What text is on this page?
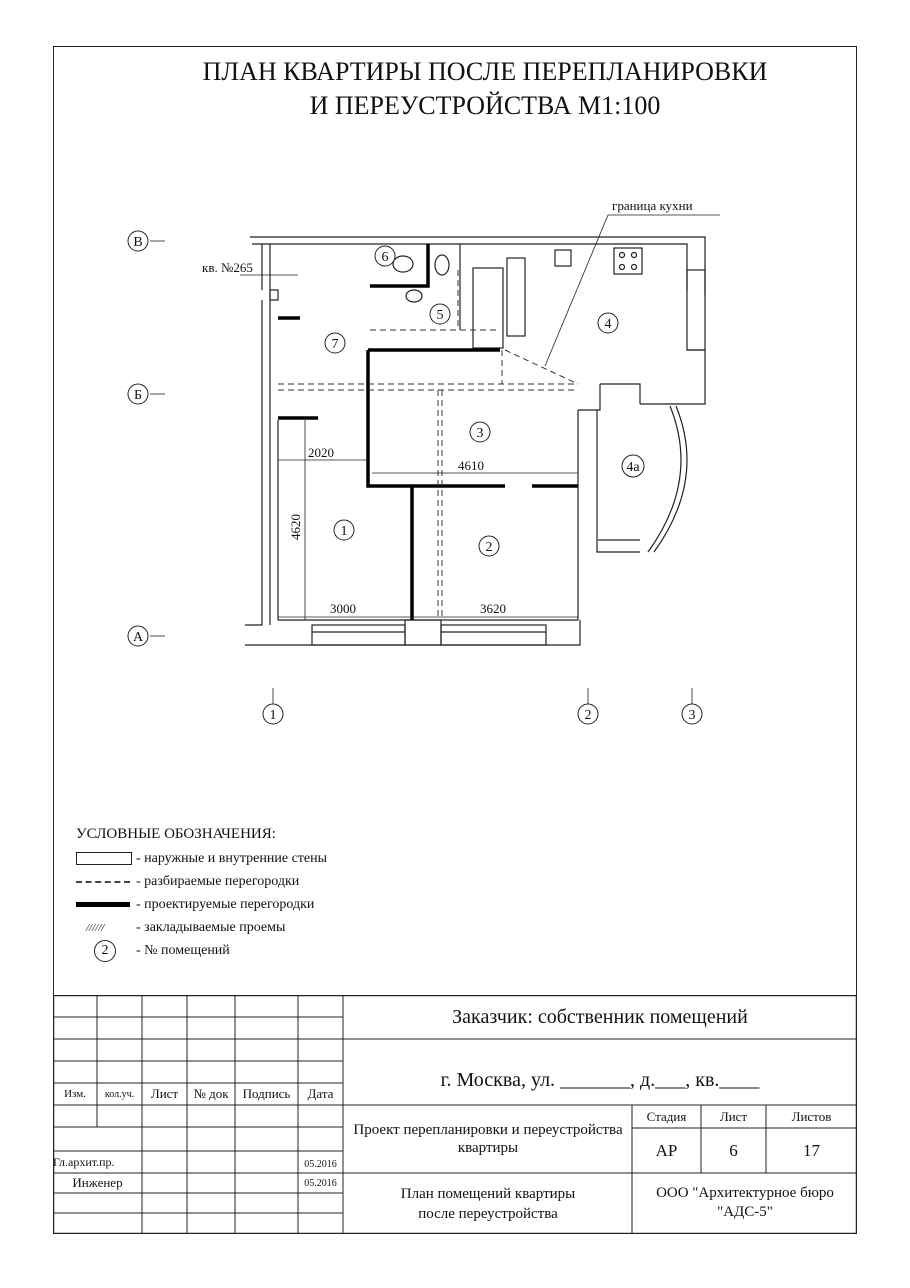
ПЛАН КВАРТИРЫ ПОСЛЕ ПЕРЕПЛАНИРОВКИ
И ПЕРЕУСТРОЙСТВА М1:100
В
Б
А
1	2	3
1
2
3
4
4а
5
6
7
кв. №265
граница кухни
2020
4610
3000	3620
4620
УСЛОВНЫЕ ОБОЗНАЧЕНИЯ:
- наружные и внутренние стены
- разбираемые перегородки
- проектируемые перегородки
////// - закладываемые проемы
2	- № помещений
Заказчик: собственник помещений
г. Москва, ул. _______, д.___, кв.____
Изм.	кол.уч.	Лист	№ док	Подпись	Дата
Гл.архит.пр.	05.2016
Инженер	05.2016
Проект перепланировки и переустройства квартиры
План помещений квартиры после переустройства
Стадия	Лист	Листов
АР	6	17
ООО "Архитектурное бюро "АДС-5"
